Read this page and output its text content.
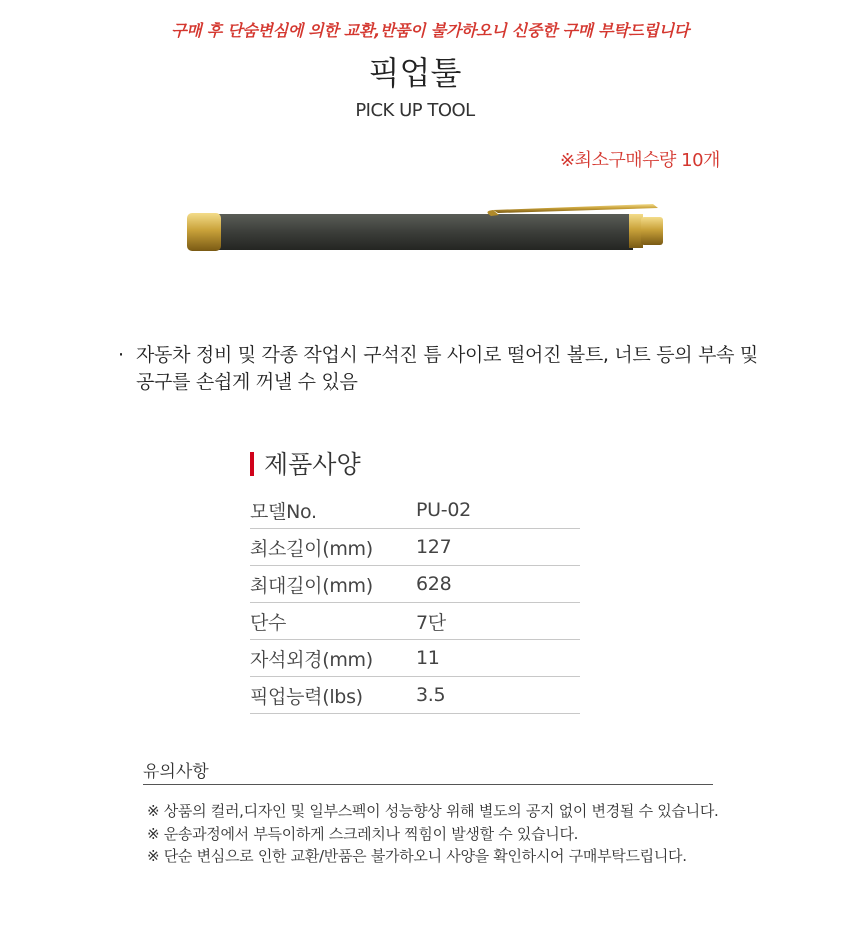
구매 후 단숨변심에 의한 교환,반품이 불가하오니 신중한 구매 부탁드립니다
픽업툴
PICK UP TOOL
※최소구매수량 10개
· 자동차 정비 및 각종 작업시 구석진 틈 사이로 떨어진 볼트, 너트 등의 부속 및 공구를 손쉽게 꺼낼 수 있음
제품사양
모델No.	PU-02
최소길이(mm)	127
최대길이(mm)	628
단수	7단
자석외경(mm)	11
픽업능력(lbs)	3.5
유의사항
※ 상품의 컬러,디자인 및 일부스펙이 성능향상 위해 별도의 공지 없이 변경될 수 있습니다.
※ 운송과정에서 부득이하게 스크레치나 찍힘이 발생할 수 있습니다.
※ 단순 변심으로 인한 교환/반품은 불가하오니 사양을 확인하시어 구매부탁드립니다.
